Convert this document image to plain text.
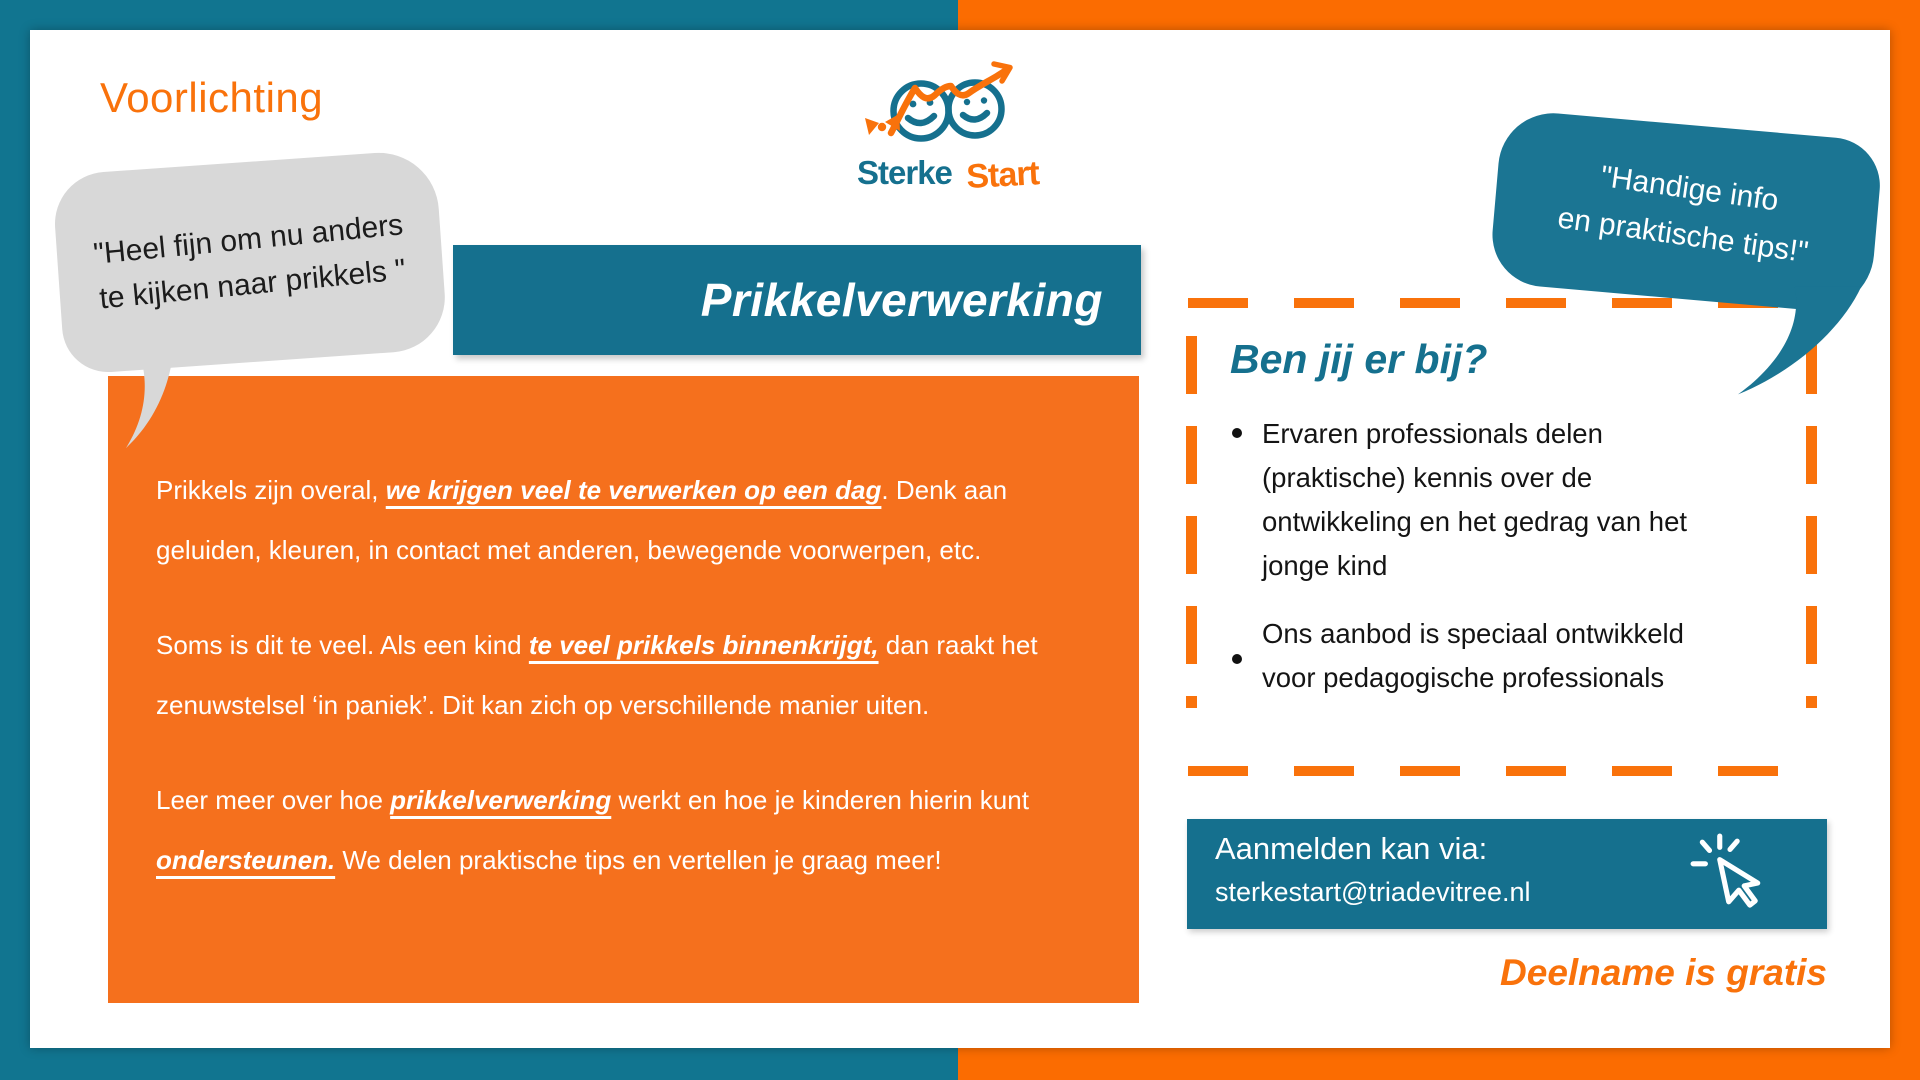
Voorlichting
Sterke Start
Prikkelverwerking
"Heel fijn om nu anders
te kijken naar prikkels "

Prikkels zijn overal, we krijgen veel te verwerken op een dag. Denk aan geluiden, kleuren, in contact met anderen, bewegende voorwerpen, etc.

Soms is dit te veel. Als een kind te veel prikkels binnenkrijgt, dan raakt het zenuwstelsel ‘in paniek’. Dit kan zich op verschillende manier uiten.

Leer meer over hoe prikkelverwerking werkt en hoe je kinderen hierin kunt ondersteunen. We delen praktische tips en vertellen je graag meer!

Ben jij er bij?
Ervaren professionals delen (praktische) kennis over de ontwikkeling en het gedrag van het jonge kind
Ons aanbod is speciaal ontwikkeld voor pedagogische professionals
"Handige info
en praktische tips!"
Aanmelden kan via:
sterkestart@triadevitree.nl
Deelname is gratis
